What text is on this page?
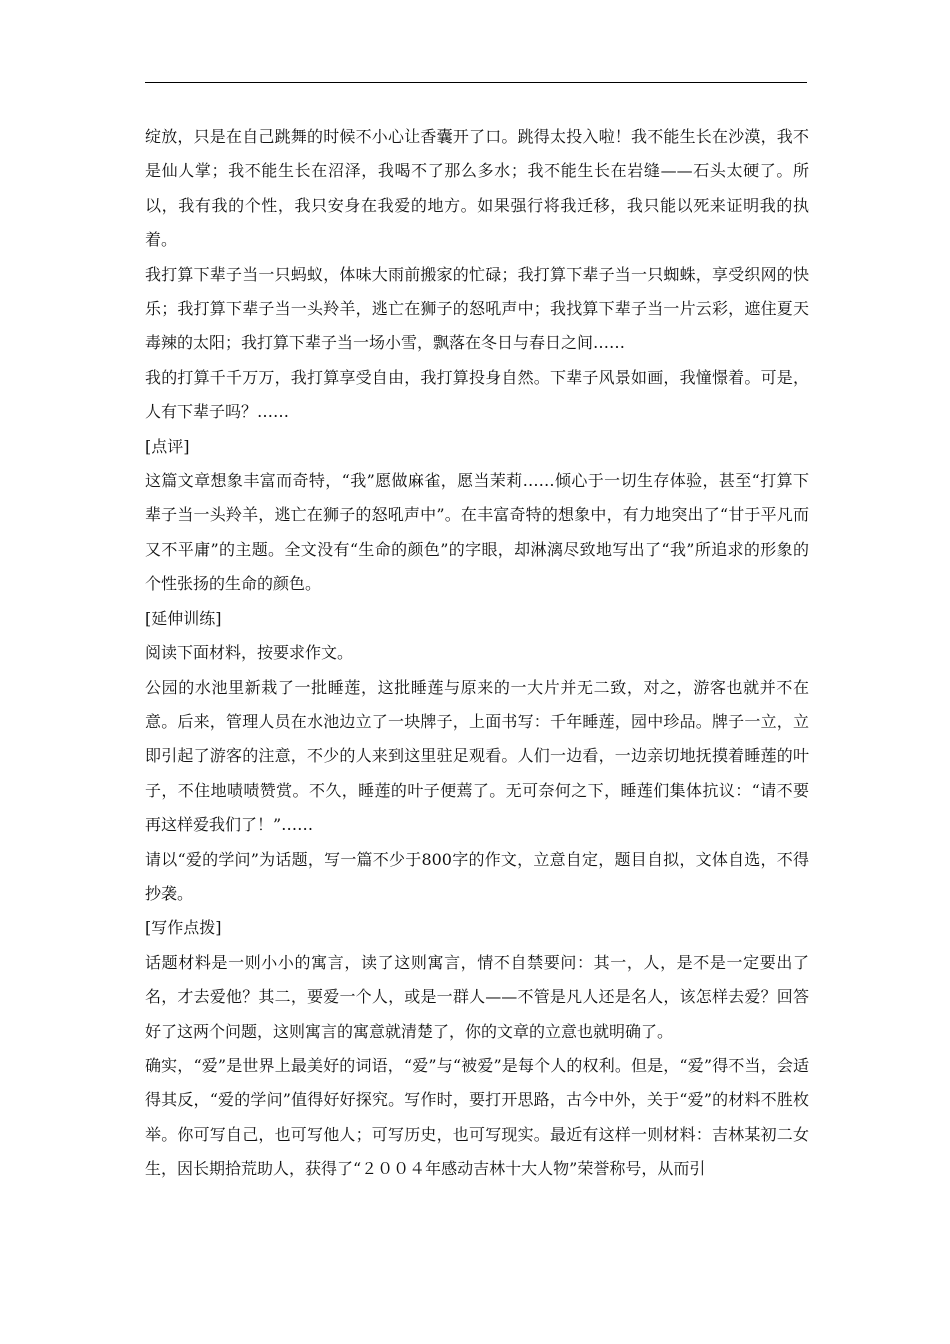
绽放，只是在自己跳舞的时候不小心让香囊开了口。跳得太投入啦！我不能生长在沙漠，我不是仙人掌；我不能生长在沼泽，我喝不了那么多水；我不能生长在岩缝——石头太硬了。所以，我有我的个性，我只安身在我爱的地方。如果强行将我迁移，我只能以死来证明我的执着。

我打算下辈子当一只蚂蚁，体味大雨前搬家的忙碌；我打算下辈子当一只蜘蛛，享受织网的快乐；我打算下辈子当一头羚羊，逃亡在狮子的怒吼声中；我找算下辈子当一片云彩，遮住夏天毒辣的太阳；我打算下辈子当一场小雪，飘落在冬日与春日之间……

我的打算千千万万，我打算享受自由，我打算投身自然。下辈子风景如画，我憧憬着。可是，人有下辈子吗？……

[点评]

这篇文章想象丰富而奇特，“我”愿做麻雀，愿当茉莉……倾心于一切生存体验，甚至“打算下辈子当一头羚羊，逃亡在狮子的怒吼声中”。在丰富奇特的想象中，有力地突出了“甘于平凡而又不平庸”的主题。全文没有“生命的颜色”的字眼，却淋漓尽致地写出了“我”所追求的形象的个性张扬的生命的颜色。

[延伸训练]

阅读下面材料，按要求作文。

公园的水池里新栽了一批睡莲，这批睡莲与原来的一大片并无二致，对之，游客也就并不在意。后来，管理人员在水池边立了一块牌子，上面书写：千年睡莲，园中珍品。牌子一立，立即引起了游客的注意，不少的人来到这里驻足观看。人们一边看，一边亲切地抚摸着睡莲的叶子，不住地啧啧赞赏。不久，睡莲的叶子便蔫了。无可奈何之下，睡莲们集体抗议：“请不要再这样爱我们了！”……

请以“爱的学问”为话题，写一篇不少于800字的作文，立意自定，题目自拟，文体自选，不得抄袭。

[写作点拨]

话题材料是一则小小的寓言，读了这则寓言，情不自禁要问：其一，人，是不是一定要出了名，才去爱他？其二，要爱一个人，或是一群人——不管是凡人还是名人，该怎样去爱？回答好了这两个问题，这则寓言的寓意就清楚了，你的文章的立意也就明确了。

确实，“爱”是世界上最美好的词语，“爱”与“被爱”是每个人的权利。但是，“爱”得不当，会适得其反，“爱的学问”值得好好探究。写作时，要打开思路，古今中外，关于“爱”的材料不胜枚举。你可写自己，也可写他人；可写历史，也可写现实。最近有这样一则材料：吉林某初二女生，因长期拾荒助人，获得了“２００４年感动吉林十大人物”荣誉称号，从而引
